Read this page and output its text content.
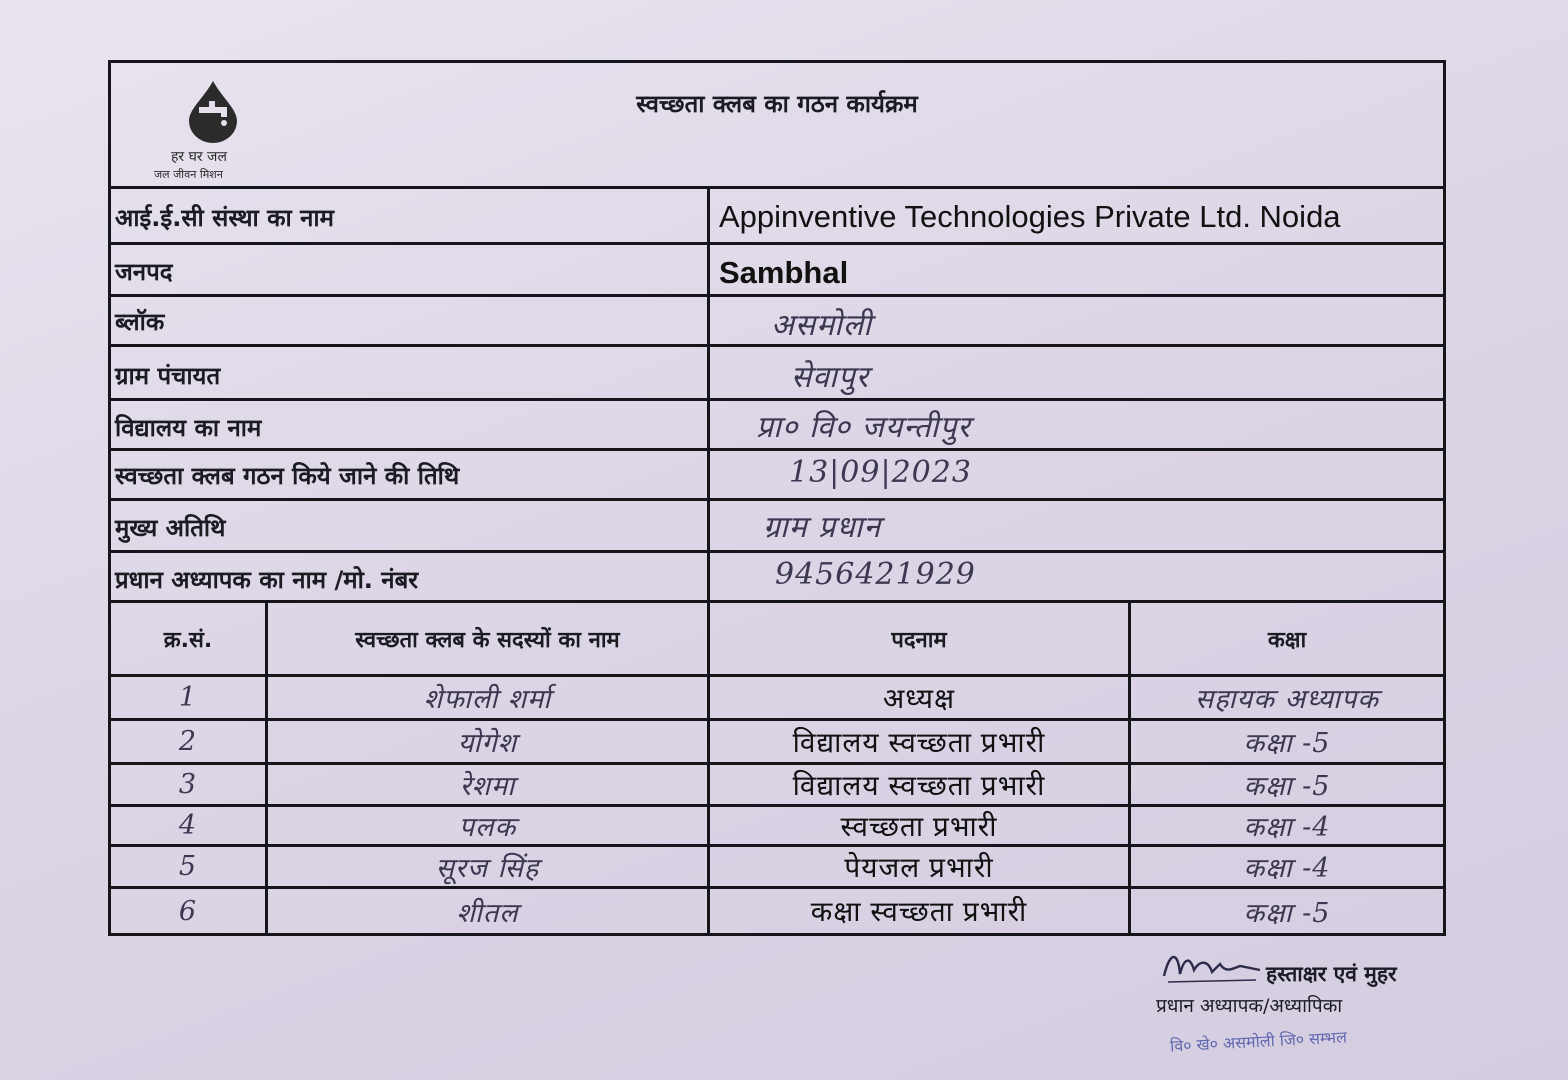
हर घर जल
जल जीवन मिशन
स्वच्छता क्लब का गठन कार्यक्रम
आई.ई.सी संस्था का नाम	Appinventive Technologies Private Ltd. Noida
जनपद	Sambhal
ब्लॉक	असमोली
ग्राम पंचायत	सेवापुर
विद्यालय का नाम	प्रा० वि० जयन्तीपुर
स्वच्छता क्लब गठन किये जाने की तिथि	13|09|2023
मुख्य अतिथि	ग्राम प्रधान
प्रधान अध्यापक का नाम /मो. नंबर	9456421929
क्र.सं.	स्वच्छता क्लब के सदस्यों का नाम	पदनाम	कक्षा
1	शेफाली शर्मा	अध्यक्ष	सहायक अध्यापक
2	योगेश	विद्यालय स्वच्छता प्रभारी	कक्षा -5
3	रेशमा	विद्यालय स्वच्छता प्रभारी	कक्षा -5
4	पलक	स्वच्छता प्रभारी	कक्षा -4
5	सूरज सिंह	पेयजल प्रभारी	कक्षा -4
6	शीतल	कक्षा स्वच्छता प्रभारी	कक्षा -5
हस्ताक्षर एवं मुहर
प्रधान अध्यापक/अध्यापिका
वि० खे० असमोली जि० सम्भल
